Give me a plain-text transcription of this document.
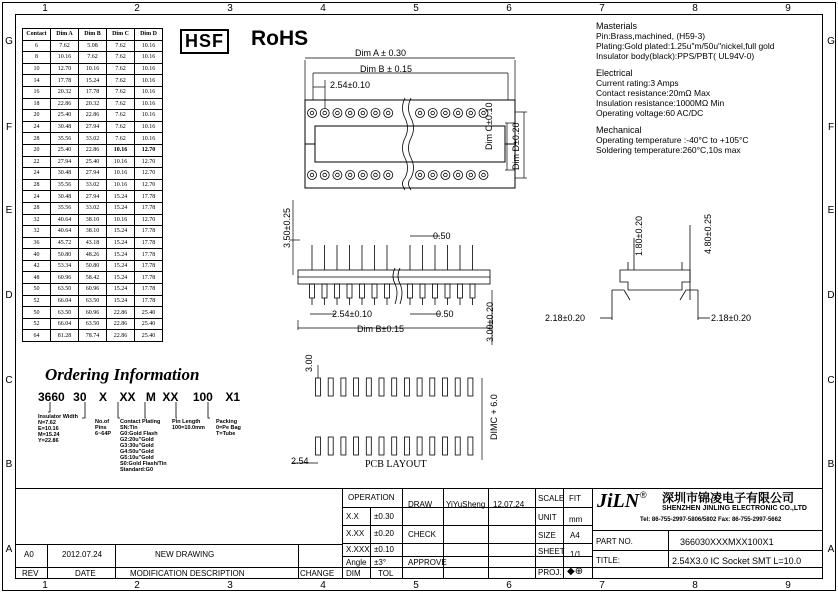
Contact	Dim A	Dim B	Dim C	Dim D
6	7.62	5.08	7.62	10.16
8	10.16	7.62	7.62	10.16
10	12.70	10.16	7.62	10.16
14	17.78	15.24	7.62	10.16
16	20.32	17.78	7.62	10.16
18	22.86	20.32	7.62	10.16
20	25.40	22.86	7.62	10.16
24	30.48	27.94	7.62	10.16
28	35.56	33.02	7.62	10.16
20	25.40	22.86	10.16	12.70
22	27.94	25.40	10.16	12.70
24	30.48	27.94	10.16	12.70
28	35.56	33.02	10.16	12.70
24	30.48	27.94	15.24	17.78
28	35.56	33.02	15.24	17.78
32	40.64	38.10	10.16	12.70
32	40.64	38.10	15.24	17.78
36	45.72	43.18	15.24	17.78
40	50.80	48.26	15.24	17.78
42	53.34	50.80	15.24	17.78
48	60.96	58.42	15.24	17.78
50	63.50	60.96	15.24	17.78
52	66.04	63.50	15.24	17.78
50	63.50	60.96	22.86	25.40
52	66.04	63.50	22.86	25.40
64	81.28	78.74	22.86	25.40
HSF RoHS
Masterials
Pin:Brass,machined, (H59-3)
Plating:Gold plated:1.25u"m/50u"nickel,full gold
Insulator body(black):PPS/PBT( UL94V-0)
Electrical
Current rating:3 Amps
Contact resistance:20mΩ Max
Insulation resistance:1000MΩ Min
Operating voltage:60 AC/DC
Mechanical
Operating temperature :-40°C to +105°C
Soldering temperature:260°C,10s max
Ordering Information
3660 30 X XX M XX 100 X1
Insulator Width
N=7.62
E=10.16
M=15.24
Y=22.86
No.of
Pins
6~64P
Contact Plating
SN:Tin
G0:Gold Flash
G2:20u"Gold
G3:30u"Gold
G4:50u"Gold
G5:10u"Gold
S0:Gold Flash/Tin
Standard:G0
Pin Length
100=10.0mm
Packing
0=Pe Bag
T=Tube
Dim A ± 0.30
Dim B ± 0.15
2.54±0.10
Dim C±0.10 Dim D±0.20
3.50±0.25	0.50
2.54±0.10	0.50
Dim B±0.15	3.00±0.20
1.80±0.20	4.80±0.25
2.18±0.20	2.18±0.20
3.00
DIMC + 6.0
2.54	PCB LAYOUT
OPERATION
DRAW YiYuSheng 12.07.24
SCALE FIT
UNIT mm
SIZE A4
SHEET 1/1
PROJ. ◆⊕
X.X ±0.30
X.XX ±0.20
X.XXX ±0.10
Angle ±3°
DIM TOL
CHECK
APPROVE
JiLN ® 深圳市锦凌电子有限公司
SHENZHEN JINLING ELECTRONIC CO.,LTD
Tel: 86-755-2997-5806/5802 Fax: 86-755-2997-5662
PART NO.	366030XXXMXX100X1
TITLE:	2.54X3.0 IC Socket SMT L=10.0
A0	2012.07.24	NEW DRAWING
REV	DATE	MODIFICATION DESCRIPTION	CHANGE
1
1
2
2
3
3
4
4
5
5
6
6
7
7
8
8
9
9
G	G
F	F
E	E
D	D
C	C
B	B
A	A
